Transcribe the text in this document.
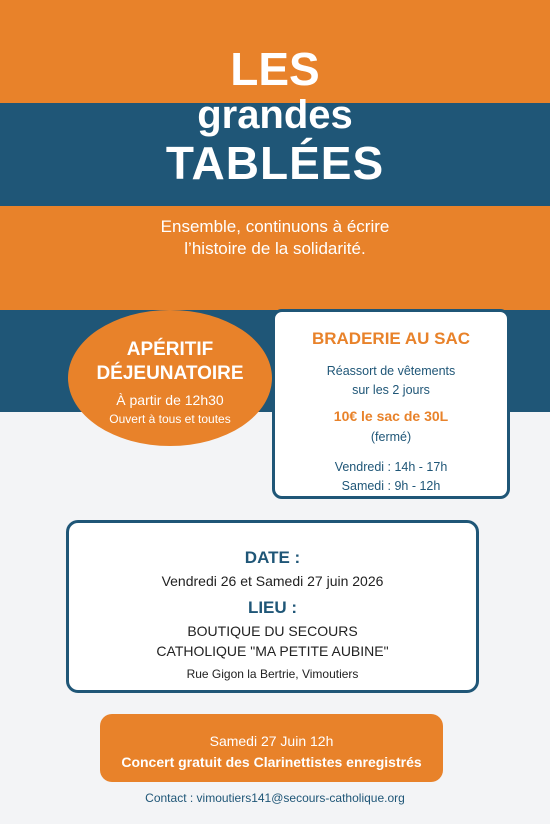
LES
grandes
TABLÉES
Ensemble, continuons à écrire
l’histoire de la solidarité.
APÉRITIF
DÉJEUNATOIRE
À partir de 12h30
Ouvert à tous et toutes
BRADERIE AU SAC
Réassort de vêtements
sur les 2 jours
10€ le sac de 30L
(fermé)
Vendredi : 14h - 17h
Samedi : 9h - 12h
DATE :
Vendredi 26 et Samedi 27 juin 2026
LIEU :
BOUTIQUE DU SECOURS
CATHOLIQUE "MA PETITE AUBINE"
Rue Gigon la Bertrie, Vimoutiers
Samedi 27 Juin 12h
Concert gratuit des Clarinettistes enregistrés
Contact : vimoutiers141@secours-catholique.org
